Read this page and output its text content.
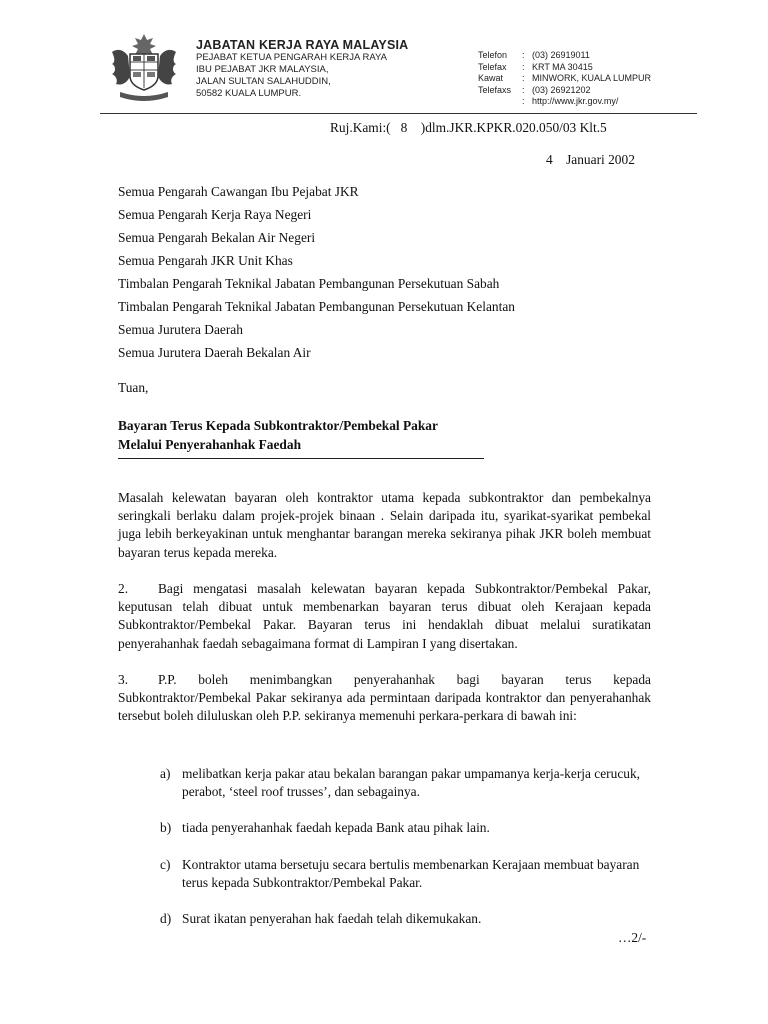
JABATAN KERJA RAYA MALAYSIA
PEJABAT KETUA PENGARAH KERJA RAYA
IBU PEJABAT JKR MALAYSIA,
JALAN SULTAN SALAHUDDIN,
50582 KUALA LUMPUR.
Telefon	: (03) 26919011
Telefax	: KRT MA 30415
Kawat	: MINWORK, KUALA LUMPUR
Telefaxs	: (03) 26921202
: http://www.jkr.gov.my/
Ruj.Kami:(   8    )dlm.JKR.KPKR.020.050/03 Klt.5
4    Januari 2002
Semua Pengarah Cawangan Ibu Pejabat JKR
Semua Pengarah Kerja Raya Negeri
Semua Pengarah Bekalan Air Negeri
Semua Pengarah JKR Unit Khas
Timbalan Pengarah Teknikal Jabatan Pembangunan Persekutuan Sabah
Timbalan Pengarah Teknikal Jabatan Pembangunan Persekutuan Kelantan
Semua Jurutera Daerah
Semua Jurutera Daerah Bekalan Air
Tuan,
Bayaran Terus Kepada Subkontraktor/Pembekal Pakar
Melalui Penyerahanhak Faedah
Masalah kelewatan bayaran oleh kontraktor utama kepada subkontraktor dan pembekalnya seringkali berlaku dalam projek-projek binaan . Selain daripada itu, syarikat-syarikat pembekal juga lebih berkeyakinan untuk menghantar barangan mereka sekiranya pihak JKR boleh membuat bayaran terus kepada mereka.
2. Bagi mengatasi masalah kelewatan bayaran kepada Subkontraktor/Pembekal Pakar, keputusan telah dibuat untuk membenarkan bayaran terus dibuat oleh Kerajaan kepada Subkontraktor/Pembekal Pakar. Bayaran terus ini hendaklah dibuat melalui suratikatan penyerahanhak faedah sebagaimana format di Lampiran I yang disertakan.
3. P.P. boleh menimbangkan penyerahanhak bagi bayaran terus kepada Subkontraktor/Pembekal Pakar sekiranya ada permintaan daripada kontraktor dan penyerahanhak tersebut boleh diluluskan oleh P.P. sekiranya memenuhi perkara-perkara di bawah ini:
a) melibatkan kerja pakar atau bekalan barangan pakar umpamanya kerja-kerja cerucuk, perabot, ‘steel roof trusses’, dan sebagainya.
b) tiada penyerahanhak faedah kepada Bank atau pihak lain.
c) Kontraktor utama bersetuju secara bertulis membenarkan Kerajaan membuat bayaran terus kepada Subkontraktor/Pembekal Pakar.
d) Surat ikatan penyerahan hak faedah telah dikemukakan.
…2/-
